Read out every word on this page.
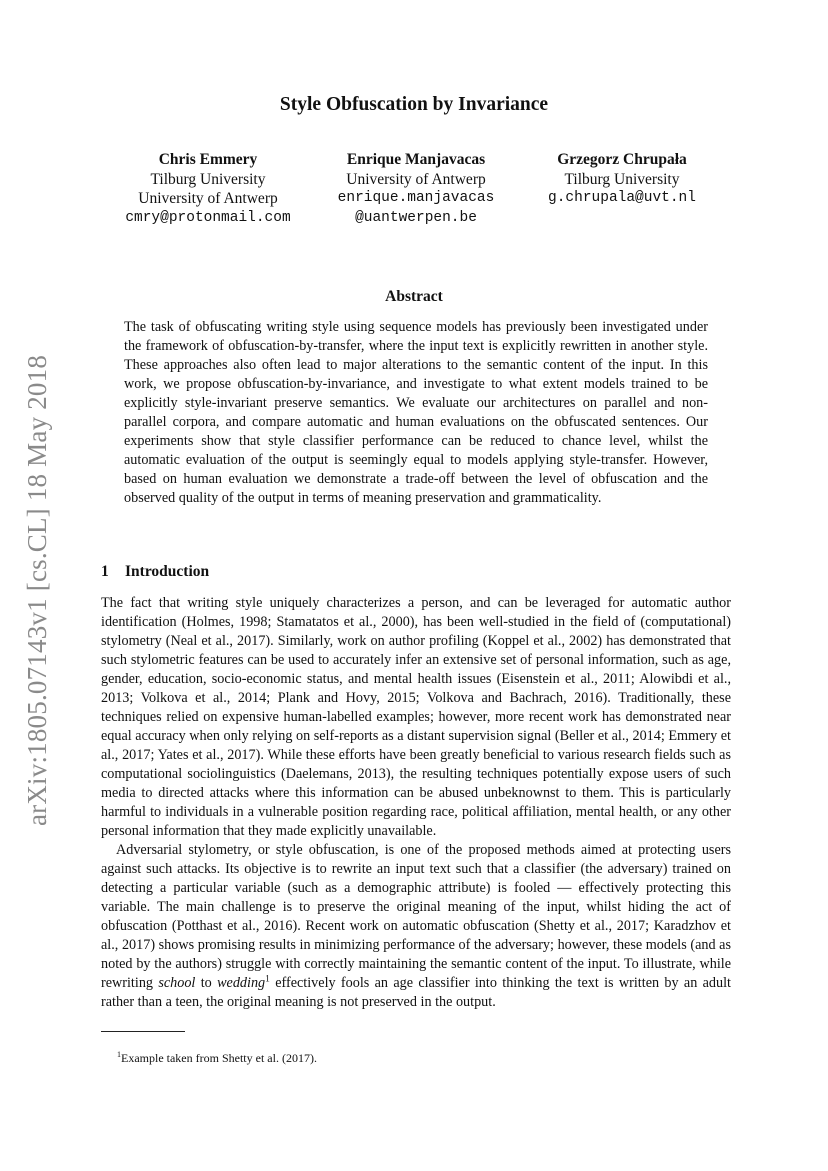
arXiv:1805.07143v1 [cs.CL] 18 May 2018
Style Obfuscation by Invariance
Chris Emmery
Tilburg University
University of Antwerp
cmry@protonmail.com
Enrique Manjavacas
University of Antwerp
enrique.manjavacas
@uantwerpen.be
Grzegorz Chrupała
Tilburg University
g.chrupala@uvt.nl
Abstract

The task of obfuscating writing style using sequence models has previously been investigated under the framework of obfuscation-by-transfer, where the input text is explicitly rewritten in another style. These approaches also often lead to major alterations to the semantic content of the input. In this work, we propose obfuscation-by-invariance, and investigate to what extent models trained to be explicitly style-invariant preserve semantics. We evaluate our architectures on parallel and non-parallel corpora, and compare automatic and human evaluations on the obfuscated sentences. Our experiments show that style classifier performance can be reduced to chance level, whilst the automatic evaluation of the output is seemingly equal to models applying style-transfer. However, based on human evaluation we demonstrate a trade-off between the level of obfuscation and the observed quality of the output in terms of meaning preservation and grammaticality.

1 Introduction

The fact that writing style uniquely characterizes a person, and can be leveraged for automatic author identification (Holmes, 1998; Stamatatos et al., 2000), has been well-studied in the field of (computational) stylometry (Neal et al., 2017). Similarly, work on author profiling (Koppel et al., 2002) has demonstrated that such stylometric features can be used to accurately infer an extensive set of personal information, such as age, gender, education, socio-economic status, and mental health issues (Eisenstein et al., 2011; Alowibdi et al., 2013; Volkova et al., 2014; Plank and Hovy, 2015; Volkova and Bachrach, 2016). Traditionally, these techniques relied on expensive human-labelled examples; however, more recent work has demonstrated near equal accuracy when only relying on self-reports as a distant supervision signal (Beller et al., 2014; Emmery et al., 2017; Yates et al., 2017). While these efforts have been greatly beneficial to various research fields such as computational sociolinguistics (Daelemans, 2013), the resulting techniques potentially expose users of such media to directed attacks where this information can be abused unbeknownst to them. This is particularly harmful to individuals in a vulnerable position regarding race, political affiliation, mental health, or any other personal information that they made explicitly unavailable.

Adversarial stylometry, or style obfuscation, is one of the proposed methods aimed at protecting users against such attacks. Its objective is to rewrite an input text such that a classifier (the adversary) trained on detecting a particular variable (such as a demographic attribute) is fooled — effectively protecting this variable. The main challenge is to preserve the original meaning of the input, whilst hiding the act of obfuscation (Potthast et al., 2016). Recent work on automatic obfuscation (Shetty et al., 2017; Karadzhov et al., 2017) shows promising results in minimizing performance of the adversary; however, these models (and as noted by the authors) struggle with correctly maintaining the semantic content of the input. To illustrate, while rewriting school to wedding$^1$ effectively fools an age classifier into thinking the text is written by an adult rather than a teen, the original meaning is not preserved in the output.

$^1$Example taken from Shetty et al. (2017).
